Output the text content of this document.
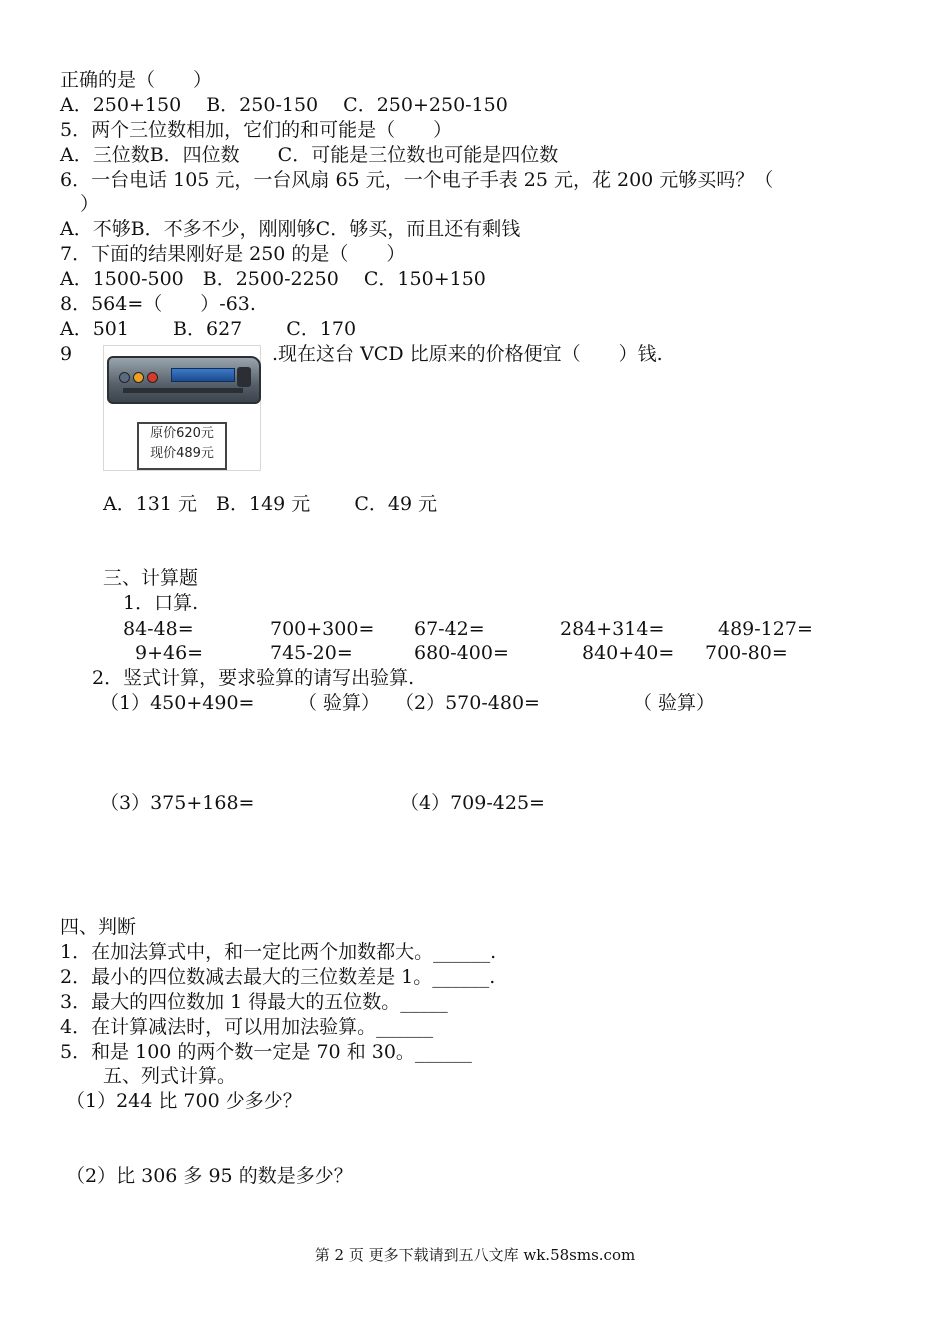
正确的是（　　）
A．250+150　 B．250-150　 C．250+250-150
5．两个三位数相加，它们的和可能是（　　）
A．三位数B．四位数　　C．可能是三位数也可能是四位数
6．一台电话 105 元，一台风扇 65 元，一个电子手表 25 元，花 200 元够买吗？（
）
A．不够B．不多不少，刚刚够C．够买，而且还有剩钱
7．下面的结果刚好是 250 的是（　　）
A．1500-500　B．2500-2250　 C．150+150
8．564=（　　）-63.
A．501　　 B．627　　 C．170
9
原价620元
现价489元
.现在这台 VCD 比原来的价格便宜（　　）钱.
A．131 元　B．149 元　　 C．49 元
三、计算题
1．口算.
84-48=	700+300= 67-42=	284+314=	489-127=
9+46=	745-20=	680-400=	840+40= 700-80=
2．竖式计算，要求验算的请写出验算.
（1）450+490= （ 验算） （2）570-480=	（ 验算）
（3）375+168=	（4）709-425=
四、判断
1．在加法算式中，和一定比两个加数都大。______.
2．最小的四位数减去最大的三位数差是 1。______.
3．最大的四位数加 1 得最大的五位数。_____
4．在计算减法时，可以用加法验算。______
5．和是 100 的两个数一定是 70 和 30。______
五、列式计算。
（1）244 比 700 少多少？
（2）比 306 多 95 的数是多少？
第 2 页 更多下载请到五八文库 wk.58sms.com
